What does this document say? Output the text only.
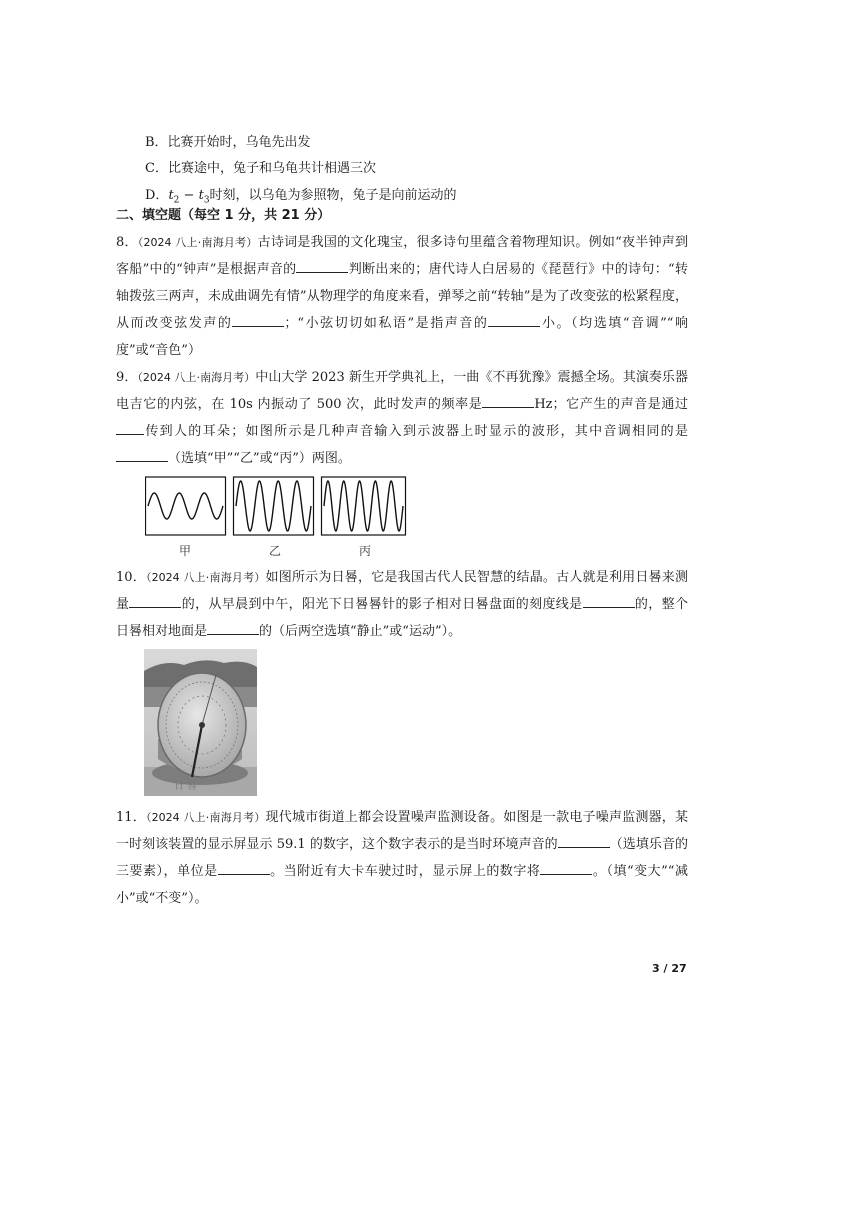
B．比赛开始时，乌龟先出发
C．比赛途中，兔子和乌龟共计相遇三次
D．$t_2 - t_3$时刻，以乌龟为参照物，兔子是向前运动的
二、填空题（每空 1 分，共 21 分）
8．（2024 八上·南海月考）古诗词是我国的文化瑰宝，很多诗句里蕴含着物理知识。例如“夜半钟声到客船”中的“钟声”是根据声音的	判断出来的；唐代诗人白居易的《琵琶行》中的诗句：“转轴拨弦三两声，未成曲调先有情”从物理学的角度来看，弹琴之前“转轴”是为了改变弦的松紧程度，从而改变弦发声的	；“小弦切切如私语”是指声音的	小。（均选填“音调”“响度”或“音色”）
9．（2024 八上·南海月考）中山大学 2023 新生开学典礼上，一曲《不再犹豫》震撼全场。其演奏乐器电吉它的内弦，在 10s 内振动了 500 次，此时发声的频率是	Hz；它产生的声音是通过传到人的耳朵；如图所示是几种声音输入到示波器上时显示的波形，其中音调相同的是（选填“甲”“乙”或“丙”）两图。
甲	乙	丙
10．（2024 八上·南海月考）如图所示为日晷，它是我国古代人民智慧的结晶。古人就是利用日晷来测量	的，从早晨到中午，阳光下日晷晷针的影子相对日晷盘面的刻度线是	的，整个日晷相对地面是	的（后两空选填“静止”或“运动”）。
日 晷
11．（2024 八上·南海月考）现代城市街道上都会设置噪声监测设备。如图是一款电子噪声监测器，某一时刻该装置的显示屏显示 59.1 的数字，这个数字表示的是当时环境声音的	（选填乐音的三要素），单位是	。当附近有大卡车驶过时，显示屏上的数字将	。（填“变大”“减小”或“不变”）。
3 / 27
